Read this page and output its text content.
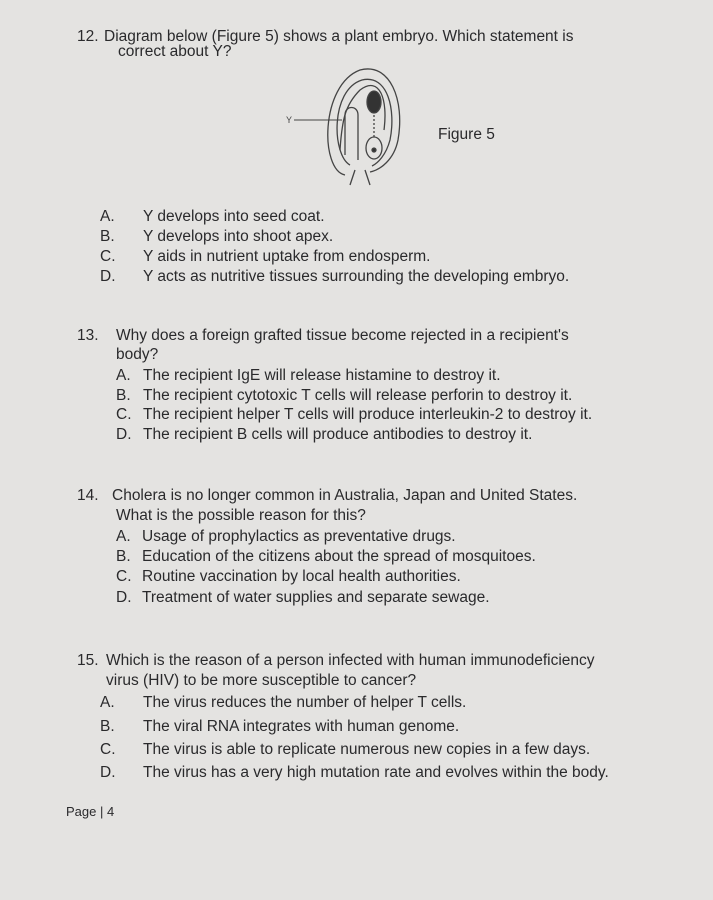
12. Diagram below (Figure 5) shows a plant embryo. Which statement is
correct about Y?
Y
Figure 5
A. Y develops into seed coat.
B. Y develops into shoot apex.
C. Y aids in nutrient uptake from endosperm.
D. Y acts as nutritive tissues surrounding the developing embryo.
13. Why does a foreign grafted tissue become rejected in a recipient's
body?
A. The recipient IgE will release histamine to destroy it.
B. The recipient cytotoxic T cells will release perforin to destroy it.
C. The recipient helper T cells will produce interleukin-2 to destroy it.
D. The recipient B cells will produce antibodies to destroy it.
14. Cholera is no longer common in Australia, Japan and United States.
What is the possible reason for this?
A. Usage of prophylactics as preventative drugs.
B. Education of the citizens about the spread of mosquitoes.
C. Routine vaccination by local health authorities.
D. Treatment of water supplies and separate sewage.
15. Which is the reason of a person infected with human immunodeficiency
virus (HIV) to be more susceptible to cancer?
A. The virus reduces the number of helper T cells.
B. The viral RNA integrates with human genome.
C. The virus is able to replicate numerous new copies in a few days.
D. The virus has a very high mutation rate and evolves within the body.
Page | 4
